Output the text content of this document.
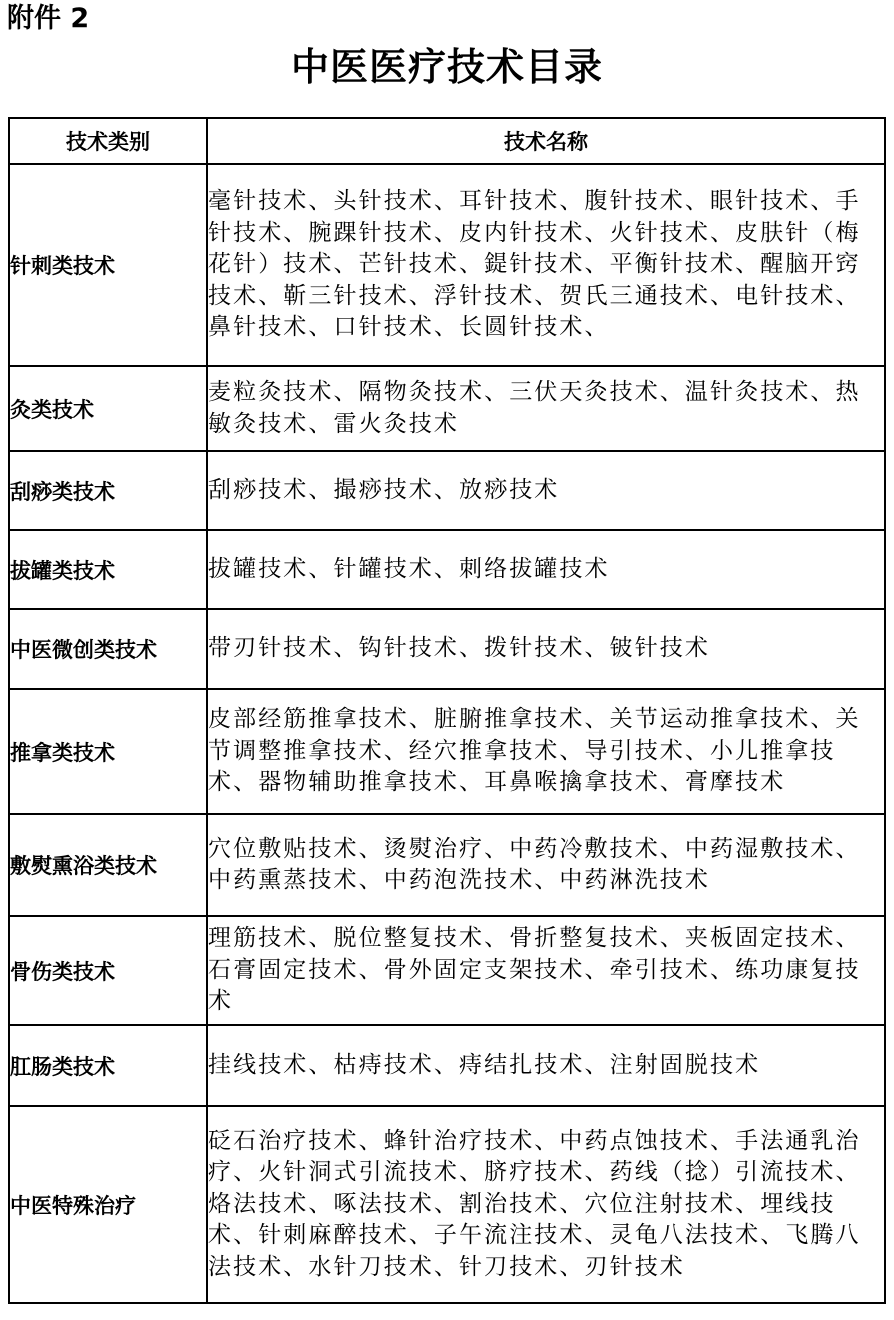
附件 2
中医医疗技术目录
技术类别	技术名称
针刺类技术	毫针技术、头针技术、耳针技术、腹针技术、眼针技术、手针技术、腕踝针技术、皮内针技术、火针技术、皮肤针（梅花针）技术、芒针技术、鍉针技术、平衡针技术、醒脑开窍技术、靳三针技术、浮针技术、贺氏三通技术、电针技术、鼻针技术、口针技术、长圆针技术、
灸类技术	麦粒灸技术、隔物灸技术、三伏天灸技术、温针灸技术、热敏灸技术、雷火灸技术
刮痧类技术	刮痧技术、撮痧技术、放痧技术
拔罐类技术	拔罐技术、针罐技术、刺络拔罐技术
中医微创类技术	带刃针技术、钩针技术、拨针技术、铍针技术
推拿类技术	皮部经筋推拿技术、脏腑推拿技术、关节运动推拿技术、关节调整推拿技术、经穴推拿技术、导引技术、小儿推拿技术、器物辅助推拿技术、耳鼻喉擒拿技术、膏摩技术
敷熨熏浴类技术	穴位敷贴技术、烫熨治疗、中药冷敷技术、中药湿敷技术、中药熏蒸技术、中药泡洗技术、中药淋洗技术
骨伤类技术	理筋技术、脱位整复技术、骨折整复技术、夹板固定技术、石膏固定技术、骨外固定支架技术、牵引技术、练功康复技术
肛肠类技术	挂线技术、枯痔技术、痔结扎技术、注射固脱技术
中医特殊治疗	砭石治疗技术、蜂针治疗技术、中药点蚀技术、手法通乳治疗、火针洞式引流技术、脐疗技术、药线（捻）引流技术、烙法技术、啄法技术、割治技术、穴位注射技术、埋线技术、针刺麻醉技术、子午流注技术、灵龟八法技术、飞腾八法技术、水针刀技术、针刀技术、刃针技术
